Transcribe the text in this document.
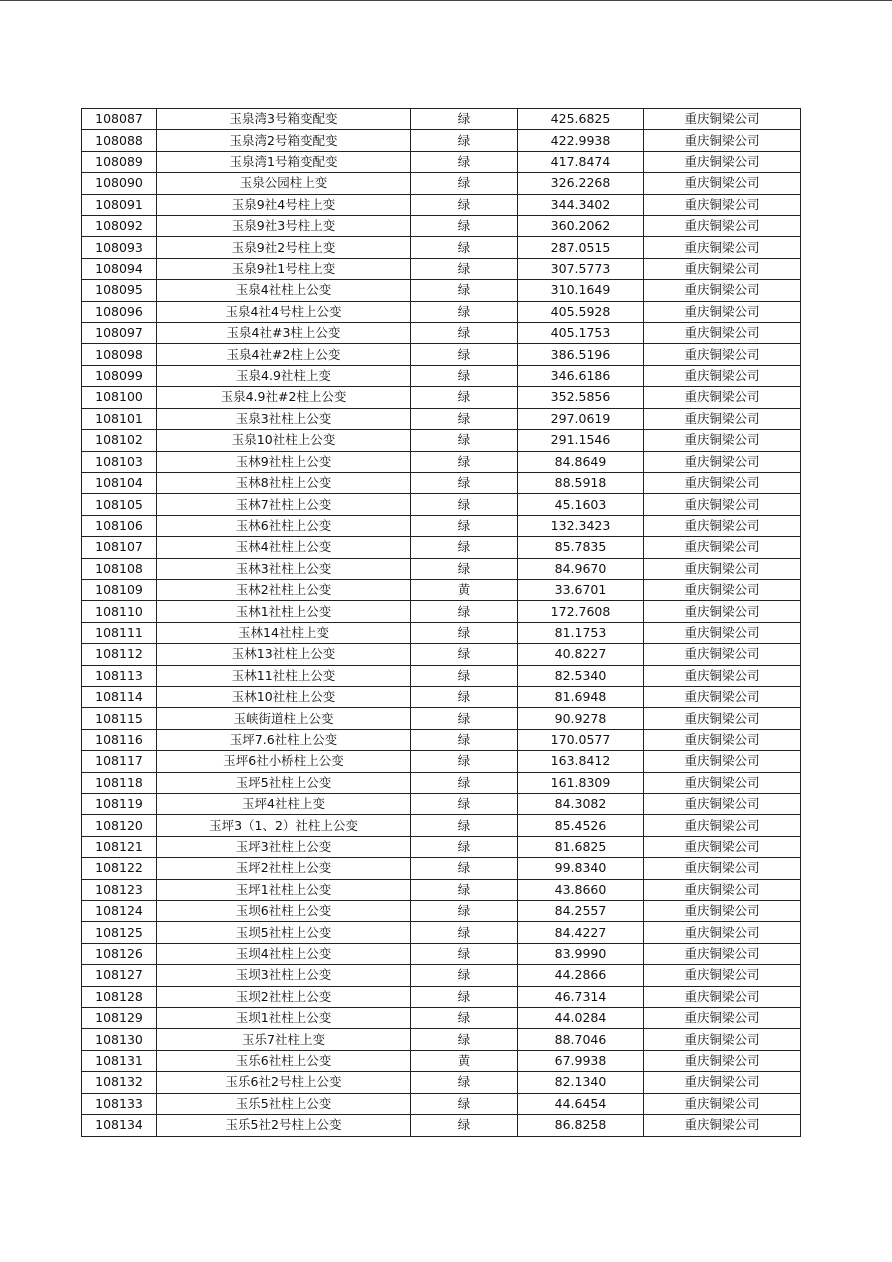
108087	玉泉湾3号箱变配变	绿	425.6825	重庆铜梁公司
108088	玉泉湾2号箱变配变	绿	422.9938	重庆铜梁公司
108089	玉泉湾1号箱变配变	绿	417.8474	重庆铜梁公司
108090	玉泉公园柱上变	绿	326.2268	重庆铜梁公司
108091	玉泉9社4号柱上变	绿	344.3402	重庆铜梁公司
108092	玉泉9社3号柱上变	绿	360.2062	重庆铜梁公司
108093	玉泉9社2号柱上变	绿	287.0515	重庆铜梁公司
108094	玉泉9社1号柱上变	绿	307.5773	重庆铜梁公司
108095	玉泉4社柱上公变	绿	310.1649	重庆铜梁公司
108096	玉泉4社4号柱上公变	绿	405.5928	重庆铜梁公司
108097	玉泉4社#3柱上公变	绿	405.1753	重庆铜梁公司
108098	玉泉4社#2柱上公变	绿	386.5196	重庆铜梁公司
108099	玉泉4.9社柱上变	绿	346.6186	重庆铜梁公司
108100	玉泉4.9社#2柱上公变	绿	352.5856	重庆铜梁公司
108101	玉泉3社柱上公变	绿	297.0619	重庆铜梁公司
108102	玉泉10社柱上公变	绿	291.1546	重庆铜梁公司
108103	玉林9社柱上公变	绿	84.8649	重庆铜梁公司
108104	玉林8社柱上公变	绿	88.5918	重庆铜梁公司
108105	玉林7社柱上公变	绿	45.1603	重庆铜梁公司
108106	玉林6社柱上公变	绿	132.3423	重庆铜梁公司
108107	玉林4社柱上公变	绿	85.7835	重庆铜梁公司
108108	玉林3社柱上公变	绿	84.9670	重庆铜梁公司
108109	玉林2社柱上公变	黄	33.6701	重庆铜梁公司
108110	玉林1社柱上公变	绿	172.7608	重庆铜梁公司
108111	玉林14社柱上变	绿	81.1753	重庆铜梁公司
108112	玉林13社柱上公变	绿	40.8227	重庆铜梁公司
108113	玉林11社柱上公变	绿	82.5340	重庆铜梁公司
108114	玉林10社柱上公变	绿	81.6948	重庆铜梁公司
108115	玉峡街道柱上公变	绿	90.9278	重庆铜梁公司
108116	玉坪7.6社柱上公变	绿	170.0577	重庆铜梁公司
108117	玉坪6社小桥柱上公变	绿	163.8412	重庆铜梁公司
108118	玉坪5社柱上公变	绿	161.8309	重庆铜梁公司
108119	玉坪4社柱上变	绿	84.3082	重庆铜梁公司
108120	玉坪3（1、2）社柱上公变	绿	85.4526	重庆铜梁公司
108121	玉坪3社柱上公变	绿	81.6825	重庆铜梁公司
108122	玉坪2社柱上公变	绿	99.8340	重庆铜梁公司
108123	玉坪1社柱上公变	绿	43.8660	重庆铜梁公司
108124	玉坝6社柱上公变	绿	84.2557	重庆铜梁公司
108125	玉坝5社柱上公变	绿	84.4227	重庆铜梁公司
108126	玉坝4社柱上公变	绿	83.9990	重庆铜梁公司
108127	玉坝3社柱上公变	绿	44.2866	重庆铜梁公司
108128	玉坝2社柱上公变	绿	46.7314	重庆铜梁公司
108129	玉坝1社柱上公变	绿	44.0284	重庆铜梁公司
108130	玉乐7社柱上变	绿	88.7046	重庆铜梁公司
108131	玉乐6社柱上公变	黄	67.9938	重庆铜梁公司
108132	玉乐6社2号柱上公变	绿	82.1340	重庆铜梁公司
108133	玉乐5社柱上公变	绿	44.6454	重庆铜梁公司
108134	玉乐5社2号柱上公变	绿	86.8258	重庆铜梁公司
